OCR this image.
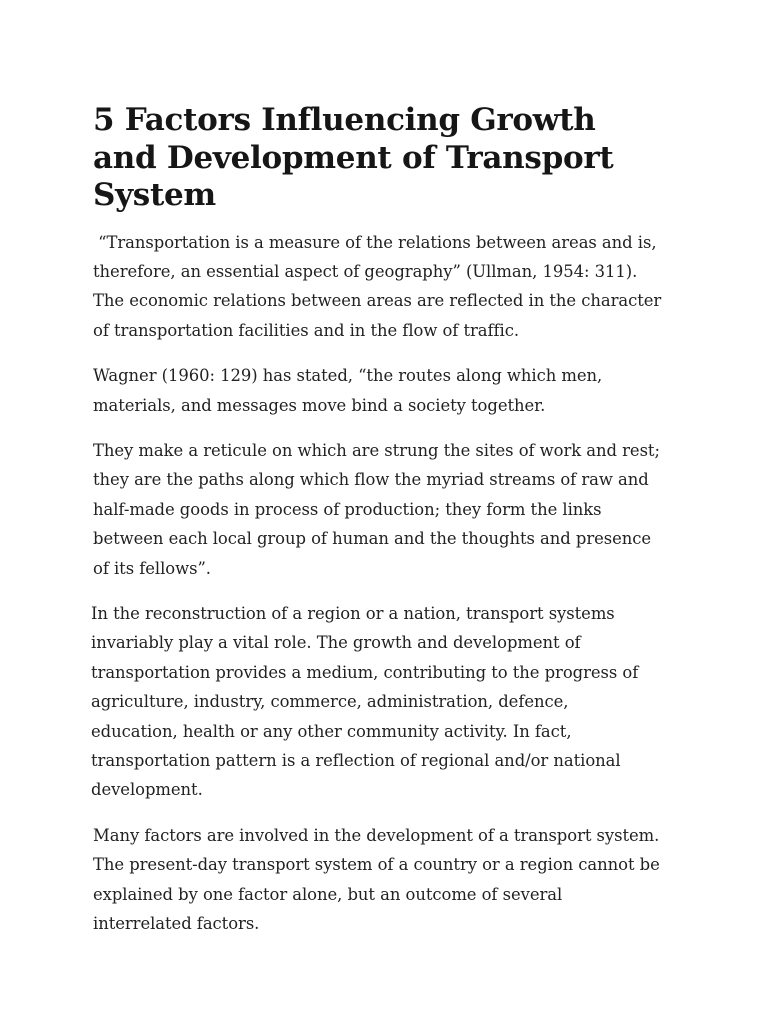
5 Factors Influencing Growth
and Development of Transport
System

“Transportation is a measure of the relations between areas and is,
therefore, an essential aspect of geography” (Ullman, 1954: 311).
The economic relations between areas are reflected in the character
of transportation facilities and in the flow of traffic.

Wagner (1960: 129) has stated, “the routes along which men,
materials, and messages move bind a society together.

They make a reticule on which are strung the sites of work and rest;
they are the paths along which flow the myriad streams of raw and
half-made goods in process of production; they form the links
between each local group of human and the thoughts and presence
of its fellows”.

In the reconstruction of a region or a nation, transport systems
invariably play a vital role. The growth and development of
transportation provides a medium, contributing to the progress of
agriculture, industry, commerce, administration, defence,
education, health or any other community activity. In fact,
transportation pattern is a reflection of regional and/or national
development.

Many factors are involved in the development of a transport system.
The present-day transport system of a country or a region cannot be
explained by one factor alone, but an outcome of several
interrelated factors.
